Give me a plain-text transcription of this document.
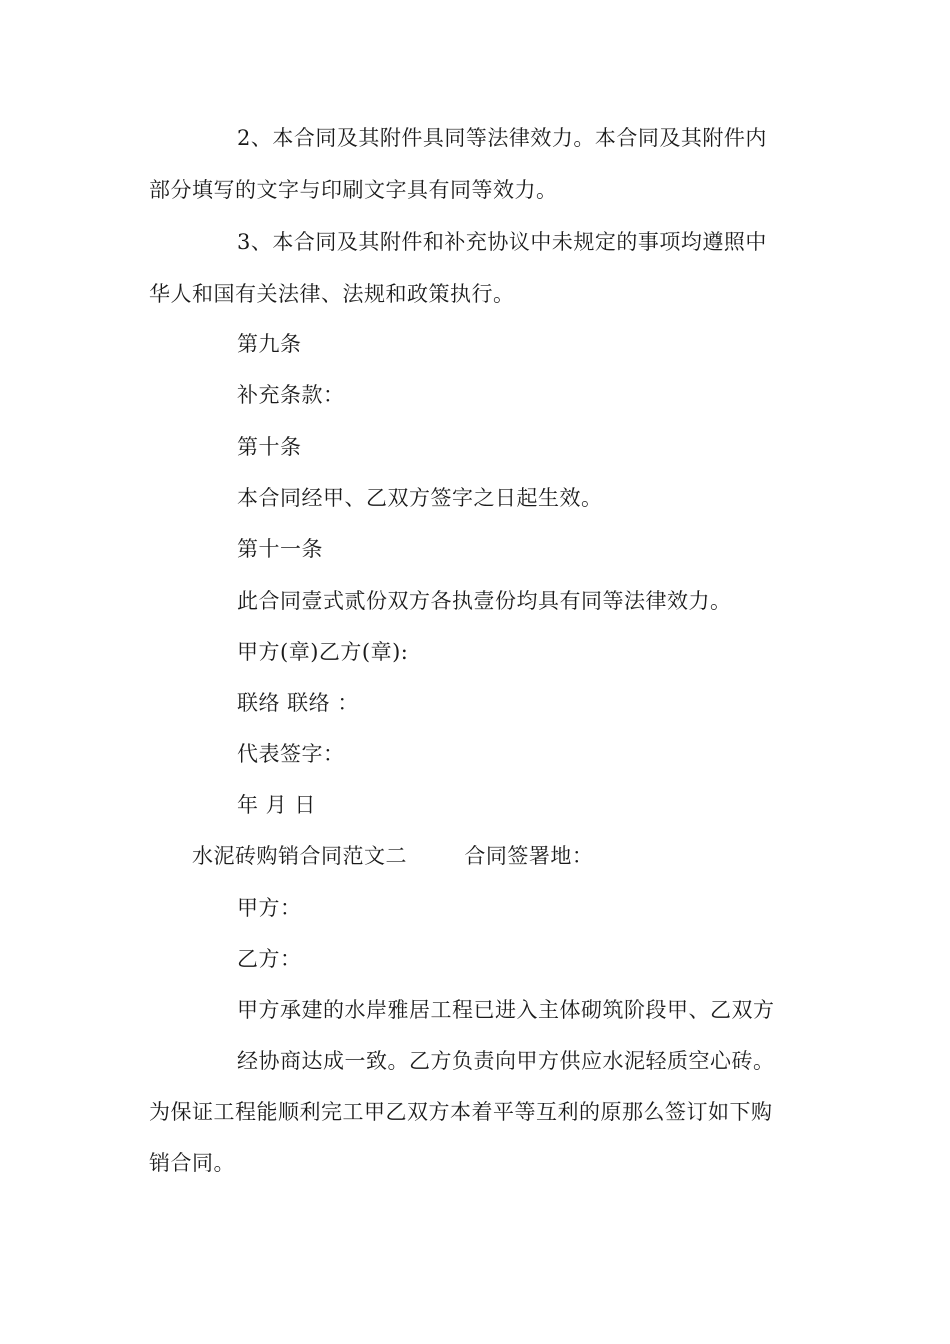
2、本合同及其附件具同等法律效力。本合同及其附件内
部分填写的文字与印刷文字具有同等效力。
3、本合同及其附件和补充协议中未规定的事项均遵照中
华人和国有关法律、法规和政策执行。
第九条
补充条款：
第十条
本合同经甲、乙双方签字之日起生效。
第十一条
此合同壹式贰份双方各执壹份均具有同等法律效力。
甲方(章)乙方(章):
联络 联络 ：
代表签字：
年 月 日
水泥砖购销合同范文二        合同签署地：
甲方：
乙方：
甲方承建的水岸雅居工程已进入主体砌筑阶段甲、乙双方
经协商达成一致。乙方负责向甲方供应水泥轻质空心砖。
为保证工程能顺利完工甲乙双方本着平等互利的原那么签订如下购
销合同。
